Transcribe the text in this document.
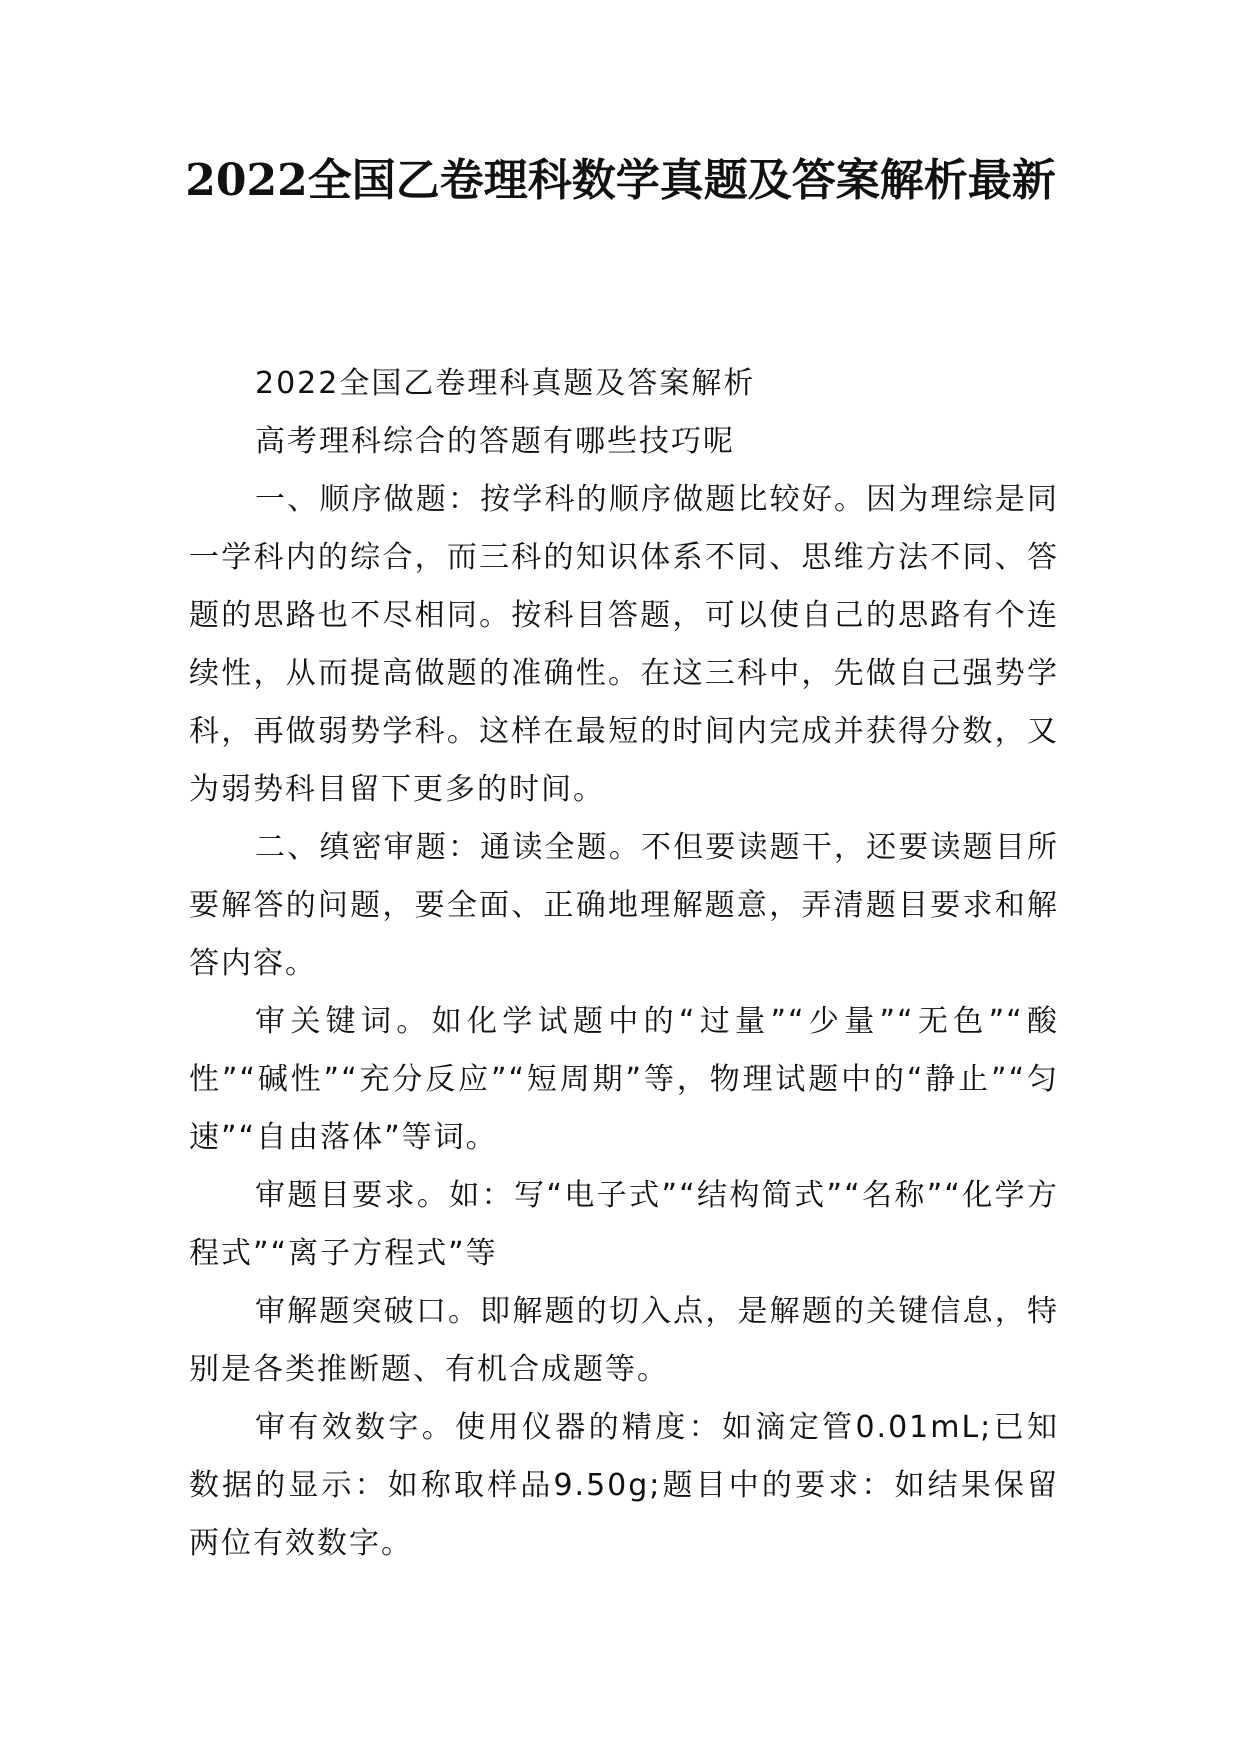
2022全国乙卷理科数学真题及答案解析最新

2022全国乙卷理科真题及答案解析

高考理科综合的答题有哪些技巧呢

一、顺序做题：按学科的顺序做题比较好。因为理综是同一学科内的综合，而三科的知识体系不同、思维方法不同、答题的思路也不尽相同。按科目答题，可以使自己的思路有个连续性，从而提高做题的准确性。在这三科中，先做自己强势学科，再做弱势学科。这样在最短的时间内完成并获得分数，又为弱势科目留下更多的时间。

二、缜密审题：通读全题。不但要读题干，还要读题目所要解答的问题，要全面、正确地理解题意，弄清题目要求和解答内容。

审关键词。如化学试题中的“过量”“少量”“无色”“酸性”“碱性”“充分反应”“短周期”等，物理试题中的“静止”“匀速”“自由落体”等词。

审题目要求。如：写“电子式”“结构简式”“名称”“化学方程式”“离子方程式”等

审解题突破口。即解题的切入点，是解题的关键信息，特别是各类推断题、有机合成题等。

审有效数字。使用仪器的精度：如滴定管0.01mL;已知数据的显示：如称取样品9.50g;题目中的要求：如结果保留两位有效数字。
